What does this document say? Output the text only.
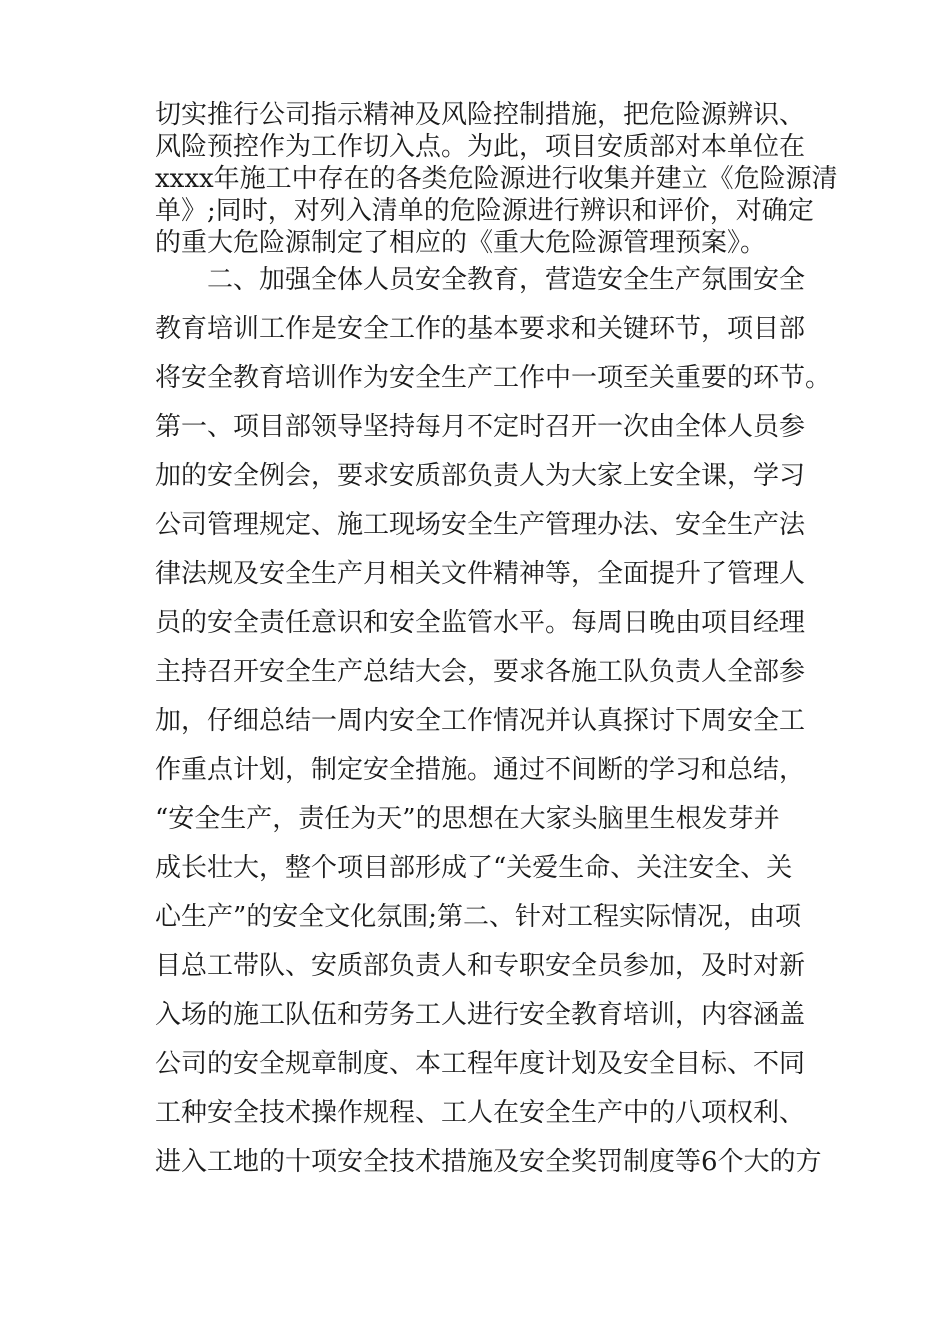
切实推行公司指示精神及风险控制措施，把危险源辨识、
风险预控作为工作切入点。为此，项目安质部对本单位在
xxxx年施工中存在的各类危险源进行收集并建立《危险源清
单》;同时，对列入清单的危险源进行辨识和评价，对确定
的重大危险源制定了相应的《重大危险源管理预案》。
　　二、加强全体人员安全教育，营造安全生产氛围安全
教育培训工作是安全工作的基本要求和关键环节，项目部
将安全教育培训作为安全生产工作中一项至关重要的环节。
第一、项目部领导坚持每月不定时召开一次由全体人员参
加的安全例会，要求安质部负责人为大家上安全课，学习
公司管理规定、施工现场安全生产管理办法、安全生产法
律法规及安全生产月相关文件精神等，全面提升了管理人
员的安全责任意识和安全监管水平。每周日晚由项目经理
主持召开安全生产总结大会，要求各施工队负责人全部参
加，仔细总结一周内安全工作情况并认真探讨下周安全工
作重点计划，制定安全措施。通过不间断的学习和总结，
“安全生产，责任为天”的思想在大家头脑里生根发芽并
成长壮大，整个项目部形成了“关爱生命、关注安全、关
心生产”的安全文化氛围;第二、针对工程实际情况，由项
目总工带队、安质部负责人和专职安全员参加，及时对新
入场的施工队伍和劳务工人进行安全教育培训，内容涵盖
公司的安全规章制度、本工程年度计划及安全目标、不同
工种安全技术操作规程、工人在安全生产中的八项权利、
进入工地的十项安全技术措施及安全奖罚制度等6个大的方
